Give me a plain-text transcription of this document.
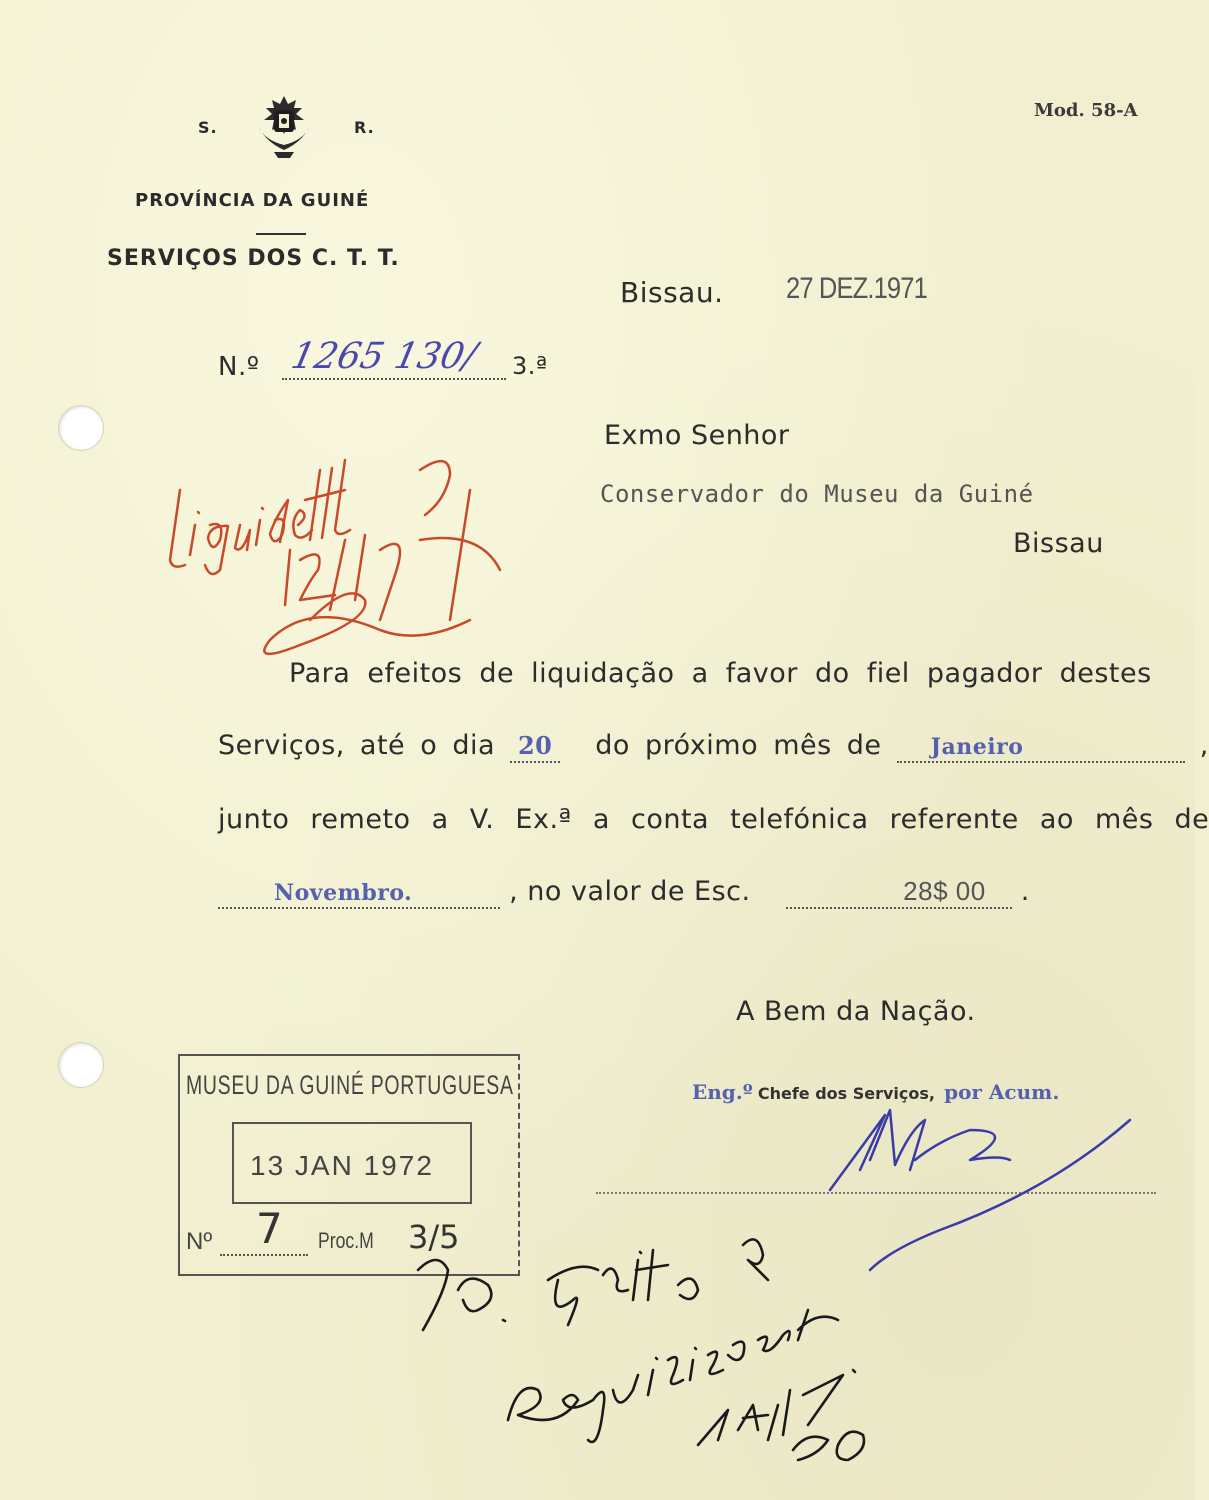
S.	R.
PROVÍNCIA DA GUINÉ
SERVIÇOS DOS C. T. T.
Mod. 58-A
Bissau. 27 DEZ.1971
N.º 1265 130/ 3.ª
Exmo Senhor
Conservador do Museu da Guiné
Bissau
Para efeitos de liquidação a favor do fiel pagador destes
Serviços, até o dia 20 do próximo mês de Janeiro	,
junto remeto a V. Ex.ª a conta telefónica referente ao mês de
Novembro.	, no valor de Esc.	28$ 00 .
A Bem da Nação.
Eng.º Chefe dos Serviços, por Acum.
MUSEU DA GUINÉ PORTUGUESA
13 JAN 1972
Nº 7 Proc.M 3/5
